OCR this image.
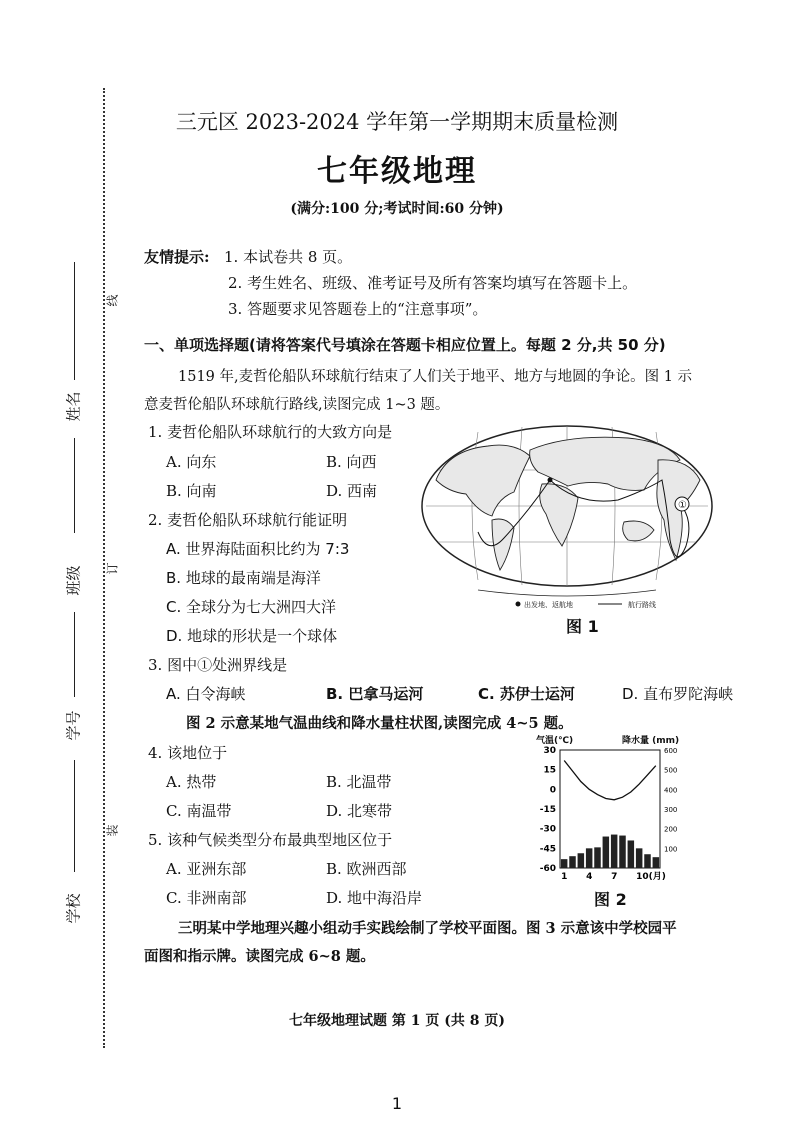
姓名
班级
学号
学校
线
订
装
三元区 2023-2024 学年第一学期期末质量检测
七年级地理
(满分:100 分;考试时间:60 分钟)
友情提示: 1. 本试卷共 8 页。
2. 考生姓名、班级、准考证号及所有答案均填写在答题卡上。
3. 答题要求见答题卷上的“注意事项”。
一、单项选择题(请将答案代号填涂在答题卡相应位置上。每题 2 分,共 50 分)
1519 年,麦哲伦船队环球航行结束了人们关于地平、地方与地圆的争论。图 1 示
意麦哲伦船队环球航行路线,读图完成 1~3 题。
1. 麦哲伦船队环球航行的大致方向是
A. 向东	B. 向西
B. 向南	D. 西南
2. 麦哲伦船队环球航行能证明
A. 世界海陆面积比约为 7:3
B. 地球的最南端是海洋
C. 全球分为七大洲四大洋
D. 地球的形状是一个球体
①
出发地、返航地	航行路线
图 1
3. 图中①处洲界线是
A. 白令海峡	B. 巴拿马运河	C. 苏伊士运河	D. 直布罗陀海峡
图 2 示意某地气温曲线和降水量柱状图,读图完成 4~5 题。
4. 该地位于
A. 热带	B. 北温带
C. 南温带	D. 北寒带
5. 该种气候类型分布最典型地区位于
A. 亚洲东部	B. 欧洲西部
C. 非洲南部	D. 地中海沿岸
气温(℃)	降水量 (mm)
30
15
0
-15
-30
-45
-60
600
500
400
300
200
100
1 4 7 10(月)
图 2
三明某中学地理兴趣小组动手实践绘制了学校平面图。图 3 示意该中学校园平
面图和指示牌。读图完成 6~8 题。
七年级地理试题 第 1 页 (共 8 页)
1
